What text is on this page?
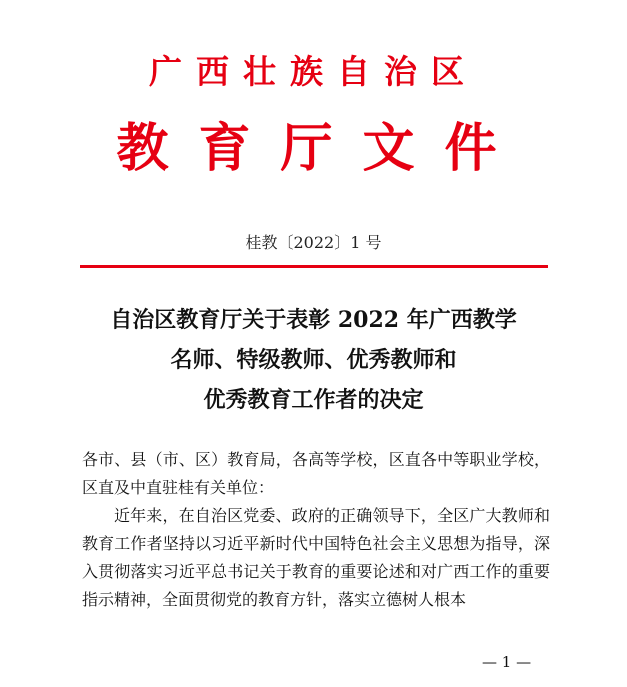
广西壮族自治区
教育厅文件
桂教〔2022〕1 号
自治区教育厅关于表彰 2022 年广西教学
名师、特级教师、优秀教师和
优秀教育工作者的决定

各市、县（市、区）教育局，各高等学校，区直各中等职业学校，区直及中直驻桂有关单位：

近年来，在自治区党委、政府的正确领导下，全区广大教师和教育工作者坚持以习近平新时代中国特色社会主义思想为指导，深入贯彻落实习近平总书记关于教育的重要论述和对广西工作的重要指示精神，全面贯彻党的教育方针，落实立德树人根本

— 1 —
